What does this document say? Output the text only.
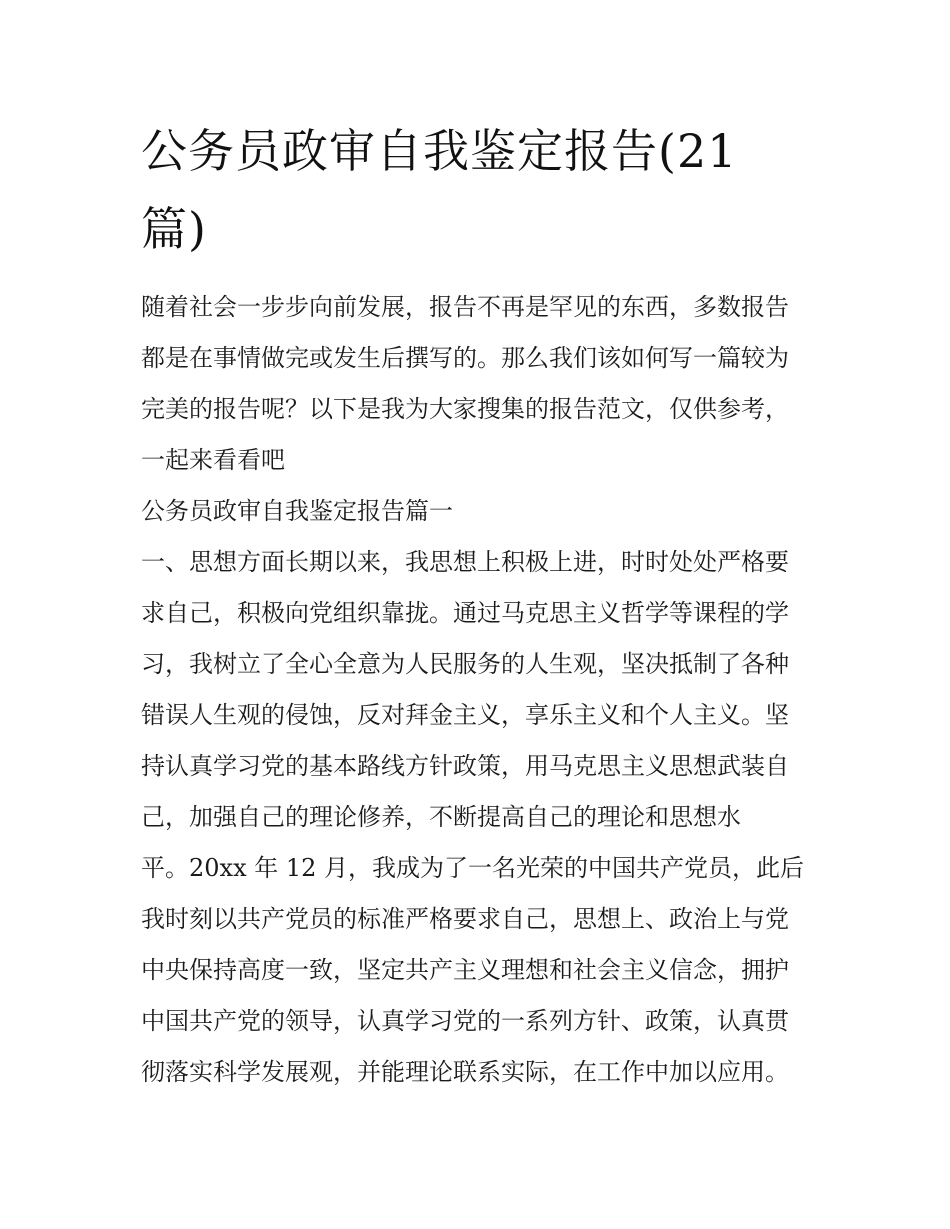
公务员政审自我鉴定报告(21
篇)
随着社会一步步向前发展，报告不再是罕见的东西，多数报告
都是在事情做完或发生后撰写的。那么我们该如何写一篇较为
完美的报告呢？以下是我为大家搜集的报告范文，仅供参考，
一起来看看吧
公务员政审自我鉴定报告篇一
一、思想方面长期以来，我思想上积极上进，时时处处严格要
求自己，积极向党组织靠拢。通过马克思主义哲学等课程的学
习，我树立了全心全意为人民服务的人生观，坚决抵制了各种
错误人生观的侵蚀，反对拜金主义，享乐主义和个人主义。坚
持认真学习党的基本路线方针政策，用马克思主义思想武装自
己，加强自己的理论修养，不断提高自己的理论和思想水
平。20xx 年 12 月，我成为了一名光荣的中国共产党员，此后
我时刻以共产党员的标准严格要求自己，思想上、政治上与党
中央保持高度一致，坚定共产主义理想和社会主义信念，拥护
中国共产党的领导，认真学习党的一系列方针、政策，认真贯
彻落实科学发展观，并能理论联系实际，在工作中加以应用。
